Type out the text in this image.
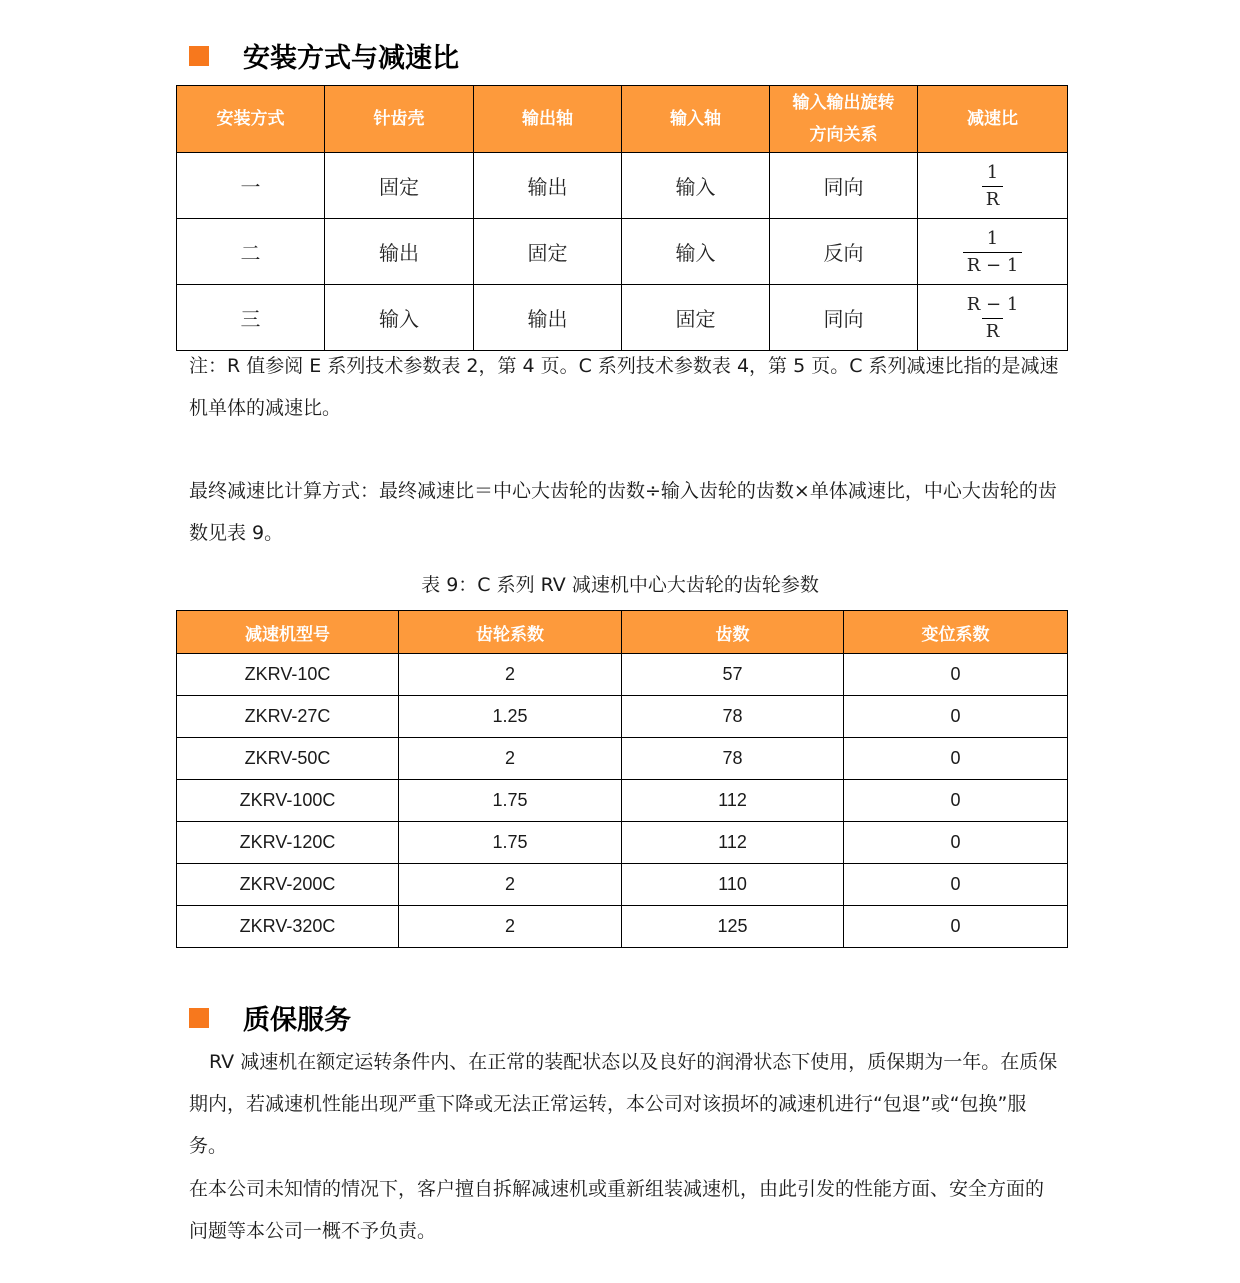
安装方式与减速比
安装方式	针齿壳	输出轴	输入轴	输入输出旋转方向关系	减速比
一	固定	输出	输入	同向	$\frac{1}{R}$

二	输出	固定	输入	反向	$\frac{1}{R - 1}$

三	输入	输出	固定	同向	$\frac{R - 1}{R}$
注：R 值参阅 E 系列技术参数表 2，第 4 页。C 系列技术参数表 4，第 5 页。C 系列减速比指的是减速机单体的减速比。
最终减速比计算方式：最终减速比＝中心大齿轮的齿数÷输入齿轮的齿数×单体减速比，中心大齿轮的齿数见表 9。
表 9：C 系列 RV 减速机中心大齿轮的齿轮参数
减速机型号	齿轮系数	齿数	变位系数
ZKRV-10C	2	57	0
ZKRV-27C	1.25	78	0
ZKRV-50C	2	78	0
ZKRV-100C	1.75	112	0
ZKRV-120C	1.75	112	0
ZKRV-200C	2	110	0
ZKRV-320C	2	125	0
质保服务
RV 减速机在额定运转条件内、在正常的装配状态以及良好的润滑状态下使用，质保期为一年。在质保期内，若减速机性能出现严重下降或无法正常运转，本公司对该损坏的减速机进行“包退”或“包换”服务。
在本公司未知情的情况下，客户擅自拆解减速机或重新组装减速机，由此引发的性能方面、安全方面的问题等本公司一概不予负责。
